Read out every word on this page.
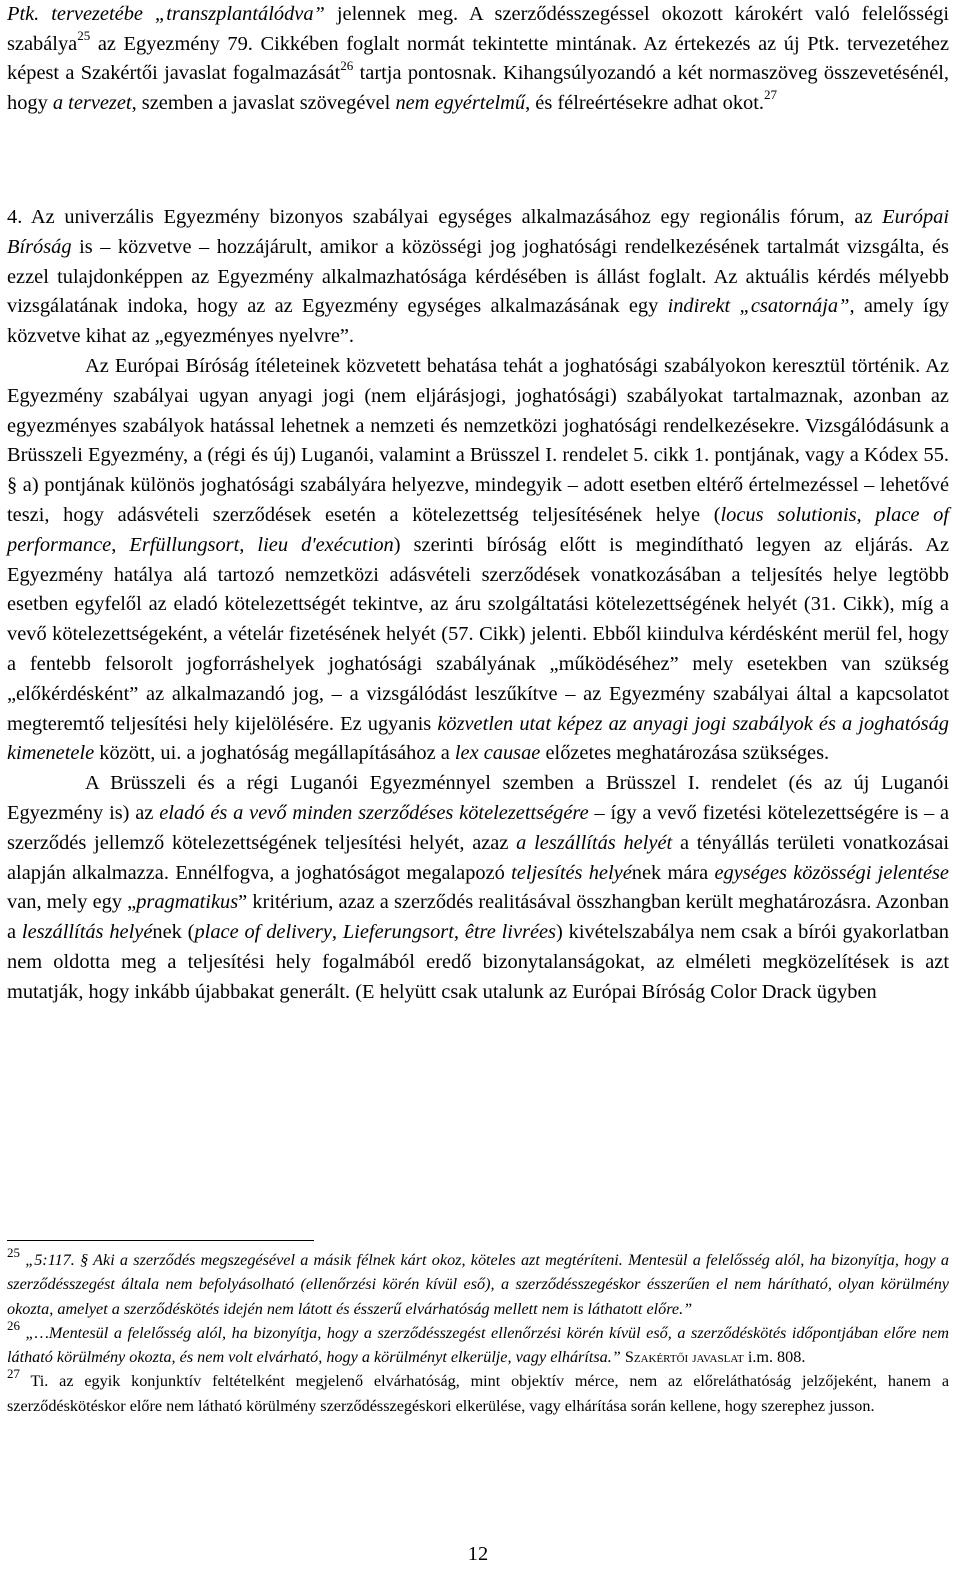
Ptk. tervezetébe „transzplantálódva” jelennek meg. A szerződésszegéssel okozott károkért való felelősségi szabálya$^{25}$ az Egyezmény 79. Cikkében foglalt normát tekintette mintának. Az értekezés az új Ptk. tervezetéhez képest a Szakértői javaslat fogalmazását$^{26}$ tartja pontosnak. Kihangsúlyozandó a két normaszöveg összevetésénél, hogy a tervezet, szemben a javaslat szövegével nem egyértelmű, és félreértésekre adhat okot.$^{27}$

4. Az univerzális Egyezmény bizonyos szabályai egységes alkalmazásához egy regionális fórum, az Európai Bíróság is – közvetve – hozzájárult, amikor a közösségi jog joghatósági rendelkezésének tartalmát vizsgálta, és ezzel tulajdonképpen az Egyezmény alkalmazhatósága kérdésében is állást foglalt. Az aktuális kérdés mélyebb vizsgálatának indoka, hogy az az Egyezmény egységes alkalmazásának egy indirekt „csatornája”, amely így közvetve kihat az „egyezményes nyelvre”.

Az Európai Bíróság ítéleteinek közvetett behatása tehát a joghatósági szabályokon keresztül történik. Az Egyezmény szabályai ugyan anyagi jogi (nem eljárásjogi, joghatósági) szabályokat tartalmaznak, azonban az egyezményes szabályok hatással lehetnek a nemzeti és nemzetközi joghatósági rendelkezésekre. Vizsgálódásunk a Brüsszeli Egyezmény, a (régi és új) Luganói, valamint a Brüsszel I. rendelet 5. cikk 1. pontjának, vagy a Kódex 55. § a) pontjának különös joghatósági szabályára helyezve, mindegyik – adott esetben eltérő értelmezéssel – lehetővé teszi, hogy adásvételi szerződések esetén a kötelezettség teljesítésének helye (locus solutionis, place of performance, Erfüllungsort, lieu d'exécution) szerinti bíróság előtt is megindítható legyen az eljárás. Az Egyezmény hatálya alá tartozó nemzetközi adásvételi szerződések vonatkozásában a teljesítés helye legtöbb esetben egyfelől az eladó kötelezettségét tekintve, az áru szolgáltatási kötelezettségének helyét (31. Cikk), míg a vevő kötelezettségeként, a vételár fizetésének helyét (57. Cikk) jelenti. Ebből kiindulva kérdésként merül fel, hogy a fentebb felsorolt jogforráshelyek joghatósági szabályának „működéséhez” mely esetekben van szükség „előkérdésként” az alkalmazandó jog, – a vizsgálódást leszűkítve – az Egyezmény szabályai által a kapcsolatot megteremtő teljesítési hely kijelölésére. Ez ugyanis közvetlen utat képez az anyagi jogi szabályok és a joghatóság kimenetele között, ui. a joghatóság megállapításához a lex causae előzetes meghatározása szükséges.

A Brüsszeli és a régi Luganói Egyezménnyel szemben a Brüsszel I. rendelet (és az új Luganói Egyezmény is) az eladó és a vevő minden szerződéses kötelezettségére – így a vevő fizetési kötelezettségére is – a szerződés jellemző kötelezettségének teljesítési helyét, azaz a leszállítás helyét a tényállás területi vonatkozásai alapján alkalmazza. Ennélfogva, a joghatóságot megalapozó teljesítés helyének mára egységes közösségi jelentése van, mely egy „pragmatikus” kritérium, azaz a szerződés realitásával összhangban került meghatározásra. Azonban a leszállítás helyének (place of delivery, Lieferungsort, être livrées) kivételszabálya nem csak a bírói gyakorlatban nem oldotta meg a teljesítési hely fogalmából eredő bizonytalanságokat, az elméleti megközelítések is azt mutatják, hogy inkább újabbakat generált. (E helyütt csak utalunk az Európai Bíróság Color Drack ügyben

$^{25}$ „5:117. § Aki a szerződés megszegésével a másik félnek kárt okoz, köteles azt megtéríteni. Mentesül a felelősség alól, ha bizonyítja, hogy a szerződésszegést általa nem befolyásolható (ellenőrzési körén kívül eső), a szerződésszegéskor ésszerűen el nem hárítható, olyan körülmény okozta, amelyet a szerződéskötés idején nem látott és ésszerű elvárhatóság mellett nem is láthatott előre.”

$^{26}$ „…Mentesül a felelősség alól, ha bizonyítja, hogy a szerződésszegést ellenőrzési körén kívül eső, a szerződéskötés időpontjában előre nem látható körülmény okozta, és nem volt elvárható, hogy a körülményt elkerülje, vagy elhárítsa.” Szakértői javaslat i.m. 808.

$^{27}$ Ti. az egyik konjunktív feltételként megjelenő elvárhatóság, mint objektív mérce, nem az előreláthatóság jelzőjeként, hanem a szerződéskötéskor előre nem látható körülmény szerződésszegéskori elkerülése, vagy elhárítása során kellene, hogy szerephez jusson.

12
